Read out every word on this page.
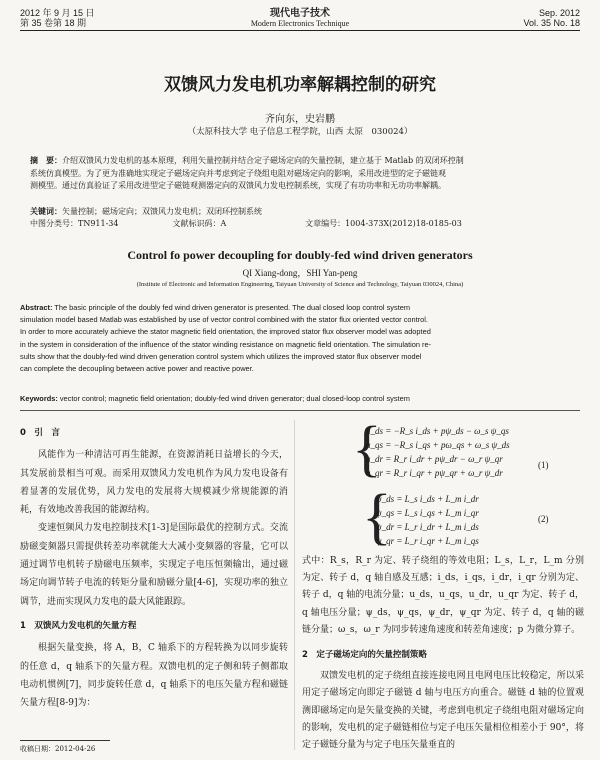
2012 年 9 月 15 日
第 35 卷第 18 期
现代电子技术
Modern Electronics Technique
Sep. 2012
Vol. 35 No. 18
双馈风力发电机功率解耦控制的研究
齐向东，史岩鹏
（太原科技大学 电子信息工程学院，山西 太原　030024）
摘　要：介绍双馈风力发电机的基本原理，利用矢量控制并结合定子磁场定向的矢量控制，建立基于 Matlab 的双闭环控制
系统仿真模型。为了更为准确地实现定子磁场定向并考虑到定子绕组电阻对磁场定向的影响，采用改进型的定子磁链观
测模型。通过仿真验证了采用改进型定子磁链观测器定向的双馈风力发电控制系统，实现了有功功率和无功功率解耦。
关键词：矢量控制；磁场定向；双馈风力发电机；双闭环控制系统
中图分类号：TN911-34	文献标识码：A	文章编号：1004-373X(2012)18-0185-03
Control fo power decoupling for doubly-fed wind driven generators
QI Xiang-dong，SHI Yan-peng
(Institute of Electronic and Information Engineering, Taiyuan University of Science and Technology, Taiyuan 030024, China)
Abstract: The basic principle of the doubly fed wind driven generator is presented. The dual closed loop control system
simulation model based Matlab was established by use of vector control combined with the stator flux oriented vector control.
In order to more accurately achieve the stator magnetic field orientation, the improved stator flux observer model was adopted
in the system in consideration of the influence of the stator winding resistance on magnetic field orientation. The simulation re-
sults show that the doubly-fed wind driven generation control system which utilizes the improved stator flux observer model
can complete the decoupling between active power and reactive power.
Keywords: vector control; magnetic field orientation; doubly-fed wind driven generator; dual closed-loop control system
0　引　言

风能作为一种清洁可再生能源，在资源消耗日益增长的今天，其发展前景相当可观。而采用双馈风力发电机作为风力发电设备有着显著的发展优势，风力发电的发展将大规模减少常规能源的消耗，有效地改善我国的能源结构。

变速恒频风力发电控制技术[1-3]是国际最优的控制方式。交流励磁变频器只需提供转差功率就能大大减小变频器的容量，它可以通过调节电机转子励磁电压频率，实现定子电压恒频输出，通过磁场定向调节转子电流的转矩分量和励磁分量[4-6]，实现功率的独立调节，进而实现风力发电的最大风能跟踪。

1　双馈风力发电机的矢量方程

根据矢量变换，将 A，B，C 轴系下的方程转换为以同步旋转的任意 d，q 轴系下的矢量方程。双馈电机的定子侧和转子侧都取电动机惯例[7]，同步旋转任意 d，q 轴系下的电压矢量方程和磁链矢量方程[8-9]为：

收稿日期：2012-04-26
{
u_ds = −R_s i_ds + pψ_ds − ω_s ψ_qs
u_qs = −R_s i_qs + pω_qs + ω_s ψ_ds
u_dr = R_r i_dr + pψ_dr − ω_r ψ_qr
u_qr = R_r i_qr + pψ_qr + ω_r ψ_dr
(1)
{
ψ_ds = L_s i_ds + L_m i_dr
ψ_qs = L_s i_qs + L_m i_qr
ψ_dr = L_r i_dr + L_m i_ds
ψ_qr = L_r i_qr + L_m i_qs
(2)

式中：R_s，R_r 为定、转子绕组的等效电阻；L_s，L_r，L_m 分别为定、转子 d，q 轴自感及互感；i_ds，i_qs，i_dr，i_qr 分别为定、转子 d，q 轴的电流分量；u_ds，u_qs，u_dr，u_qr 为定、转子 d，q 轴电压分量；ψ_ds，ψ_qs，ψ_dr，ψ_qr 为定、转子 d，q 轴的磁链分量；ω_s，ω_r 为同步转速角速度和转差角速度；p 为微分算子。

2　定子磁场定向的矢量控制策略

双馈发电机的定子绕组直接连接电网且电网电压比较稳定，所以采用定子磁场定向即定子磁链 d 轴与电压方向重合。磁链 d 轴的位置观测即磁场定向是矢量变换的关键，考虑到电机定子绕组电阻对磁场定向的影响，发电机的定子磁链相位与定子电压矢量相位相差小于 90°，将定子磁链分量为与定子电压矢量垂直的
